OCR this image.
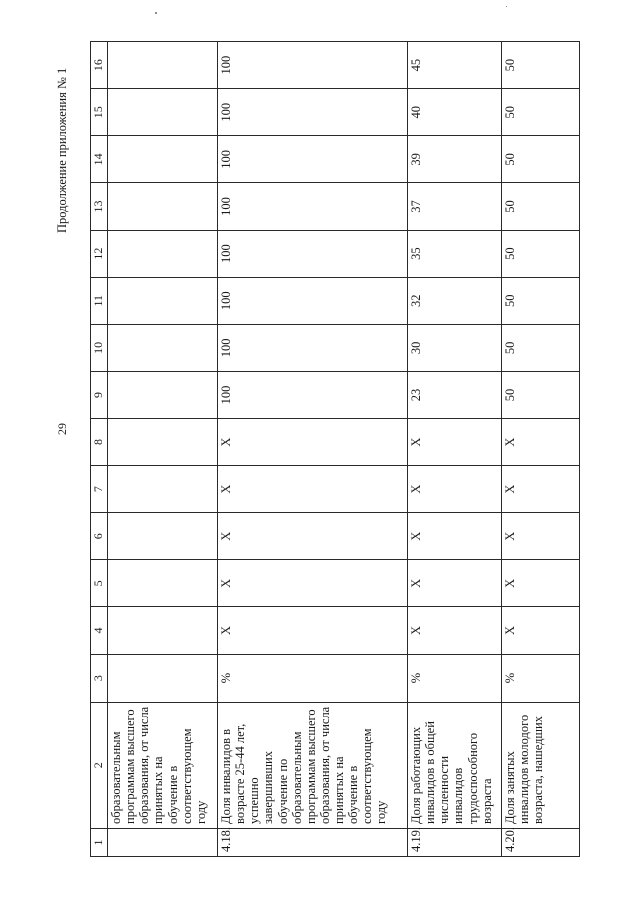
29
Продолжение приложения № 1
1	2	3	4	5	6	7	8	9	10	11	12	13	14	15	16
	образовательным программам высшего образования, от числа принятых на обучение в соответствующем году														
4.18.	Доля инвалидов в возрасте 25-44 лет, успешно завершивших обучение по образовательным программам высшего образования, от числа принятых на обучение в соответствующем году	%	Х	Х	Х	Х	Х	100	100	100	100	100	100	100	100
4.19.	Доля работающих инвалидов в общей численности инвалидов трудоспособного возраста	%	Х	Х	Х	Х	Х	23	30	32	35	37	39	40	45
4.20.	Доля занятых инвалидов молодого возраста, нашедших	%	Х	Х	Х	Х	Х	50	50	50	50	50	50	50	50
